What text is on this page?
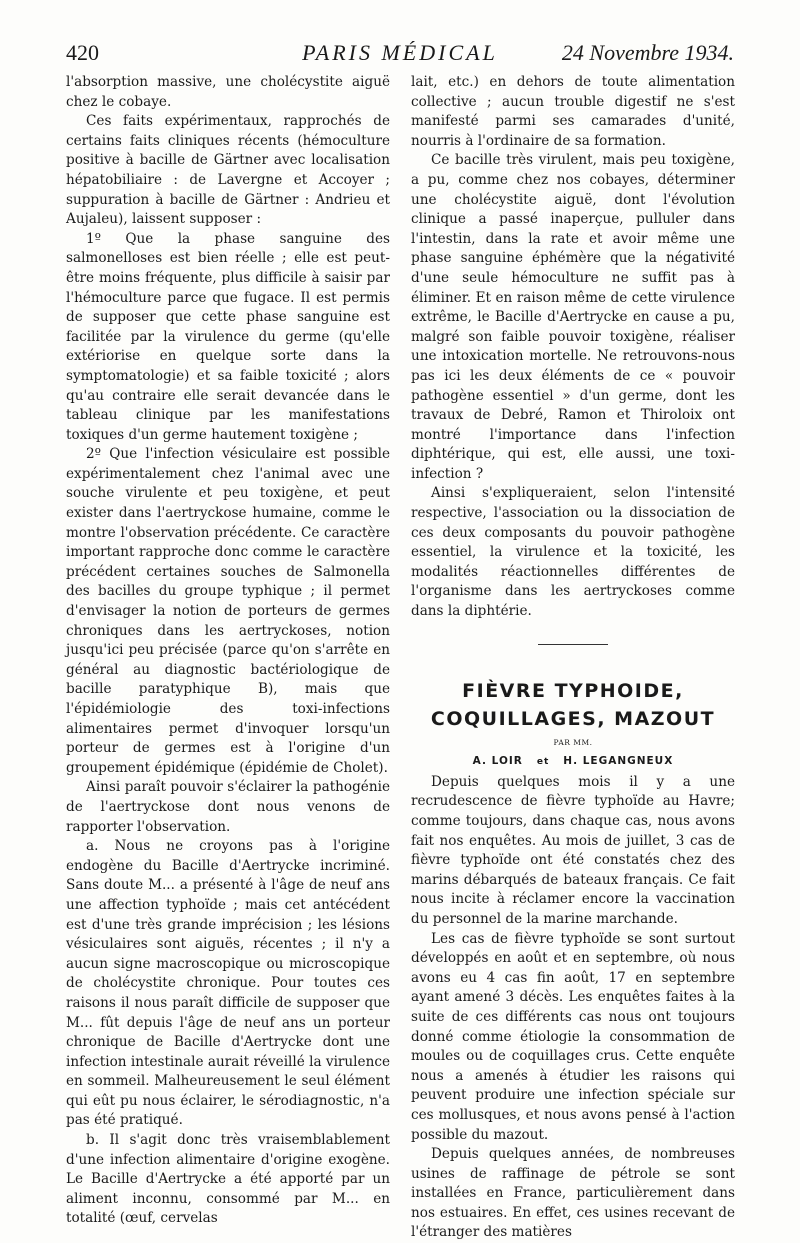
420	PARIS MÉDICAL	24 Novembre 1934.

l'absorption massive, une cholécystite aiguë chez le cobaye.

Ces faits expérimentaux, rapprochés de certains faits cliniques récents (hémoculture positive à bacille de Gärtner avec localisation hépatobiliaire : de Lavergne et Accoyer ; suppuration à bacille de Gärtner : Andrieu et Aujaleu), laissent supposer :

1º Que la phase sanguine des salmonelloses est bien réelle ; elle est peut-être moins fréquente, plus difficile à saisir par l'hémoculture parce que fugace. Il est permis de supposer que cette phase sanguine est facilitée par la virulence du germe (qu'elle extériorise en quelque sorte dans la symptomatologie) et sa faible toxicité ; alors qu'au contraire elle serait devancée dans le tableau clinique par les manifestations toxiques d'un germe hautement toxigène ;

2º Que l'infection vésiculaire est possible expérimentalement chez l'animal avec une souche virulente et peu toxigène, et peut exister dans l'aertryckose humaine, comme le montre l'observation précédente. Ce caractère important rapproche donc comme le caractère précédent certaines souches de Salmonella des bacilles du groupe typhique ; il permet d'envisager la notion de porteurs de germes chroniques dans les aertryckoses, notion jusqu'ici peu précisée (parce qu'on s'arrête en général au diagnostic bactériologique de bacille paratyphique B), mais que l'épidémiologie des toxi-infections alimentaires permet d'invoquer lorsqu'un porteur de germes est à l'origine d'un groupement épidémique (épidémie de Cholet).

Ainsi paraît pouvoir s'éclairer la pathogénie de l'aertryckose dont nous venons de rapporter l'observation.

a. Nous ne croyons pas à l'origine endogène du Bacille d'Aertrycke incriminé. Sans doute M... a présenté à l'âge de neuf ans une affection typhoïde ; mais cet antécédent est d'une très grande imprécision ; les lésions vésiculaires sont aiguës, récentes ; il n'y a aucun signe macroscopique ou microscopique de cholécystite chronique. Pour toutes ces raisons il nous paraît difficile de supposer que M... fût depuis l'âge de neuf ans un porteur chronique de Bacille d'Aertrycke dont une infection intestinale aurait réveillé la virulence en sommeil. Malheureusement le seul élément qui eût pu nous éclairer, le sérodiagnostic, n'a pas été pratiqué.

b. Il s'agit donc très vraisemblablement d'une infection alimentaire d'origine exogène. Le Bacille d'Aertrycke a été apporté par un aliment inconnu, consommé par M... en totalité (œuf, cervelas

lait, etc.) en dehors de toute alimentation collective ; aucun trouble digestif ne s'est manifesté parmi ses camarades d'unité, nourris à l'ordinaire de sa formation.

Ce bacille très virulent, mais peu toxigène, a pu, comme chez nos cobayes, déterminer une cholécystite aiguë, dont l'évolution clinique a passé inaperçue, pulluler dans l'intestin, dans la rate et avoir même une phase sanguine éphémère que la négativité d'une seule hémoculture ne suffit pas à éliminer. Et en raison même de cette virulence extrême, le Bacille d'Aertrycke en cause a pu, malgré son faible pouvoir toxigène, réaliser une intoxication mortelle. Ne retrouvons-nous pas ici les deux éléments de ce « pouvoir pathogène essentiel » d'un germe, dont les travaux de Debré, Ramon et Thiroloix ont montré l'importance dans l'infection diphtérique, qui est, elle aussi, une toxi-infection ?

Ainsi s'expliqueraient, selon l'intensité respective, l'association ou la dissociation de ces deux composants du pouvoir pathogène essentiel, la virulence et la toxicité, les modalités réactionnelles différentes de l'organisme dans les aertryckoses comme dans la diphtérie.

FIÈVRE TYPHOIDE,

COQUILLAGES, MAZOUT

PAR MM.

A. LOIR et H. LEGANGNEUX

Depuis quelques mois il y a une recrudescence de fièvre typhoïde au Havre; comme toujours, dans chaque cas, nous avons fait nos enquêtes. Au mois de juillet, 3 cas de fièvre typhoïde ont été constatés chez des marins débarqués de bateaux français. Ce fait nous incite à réclamer encore la vaccination du personnel de la marine marchande.

Les cas de fièvre typhoïde se sont surtout développés en août et en septembre, où nous avons eu 4 cas fin août, 17 en septembre ayant amené 3 décès. Les enquêtes faites à la suite de ces différents cas nous ont toujours donné comme étiologie la consommation de moules ou de coquillages crus. Cette enquête nous a amenés à étudier les raisons qui peuvent produire une infection spéciale sur ces mollusques, et nous avons pensé à l'action possible du mazout.

Depuis quelques années, de nombreuses usines de raffinage de pétrole se sont installées en France, particulièrement dans nos estuaires. En effet, ces usines recevant de l'étranger des matières
